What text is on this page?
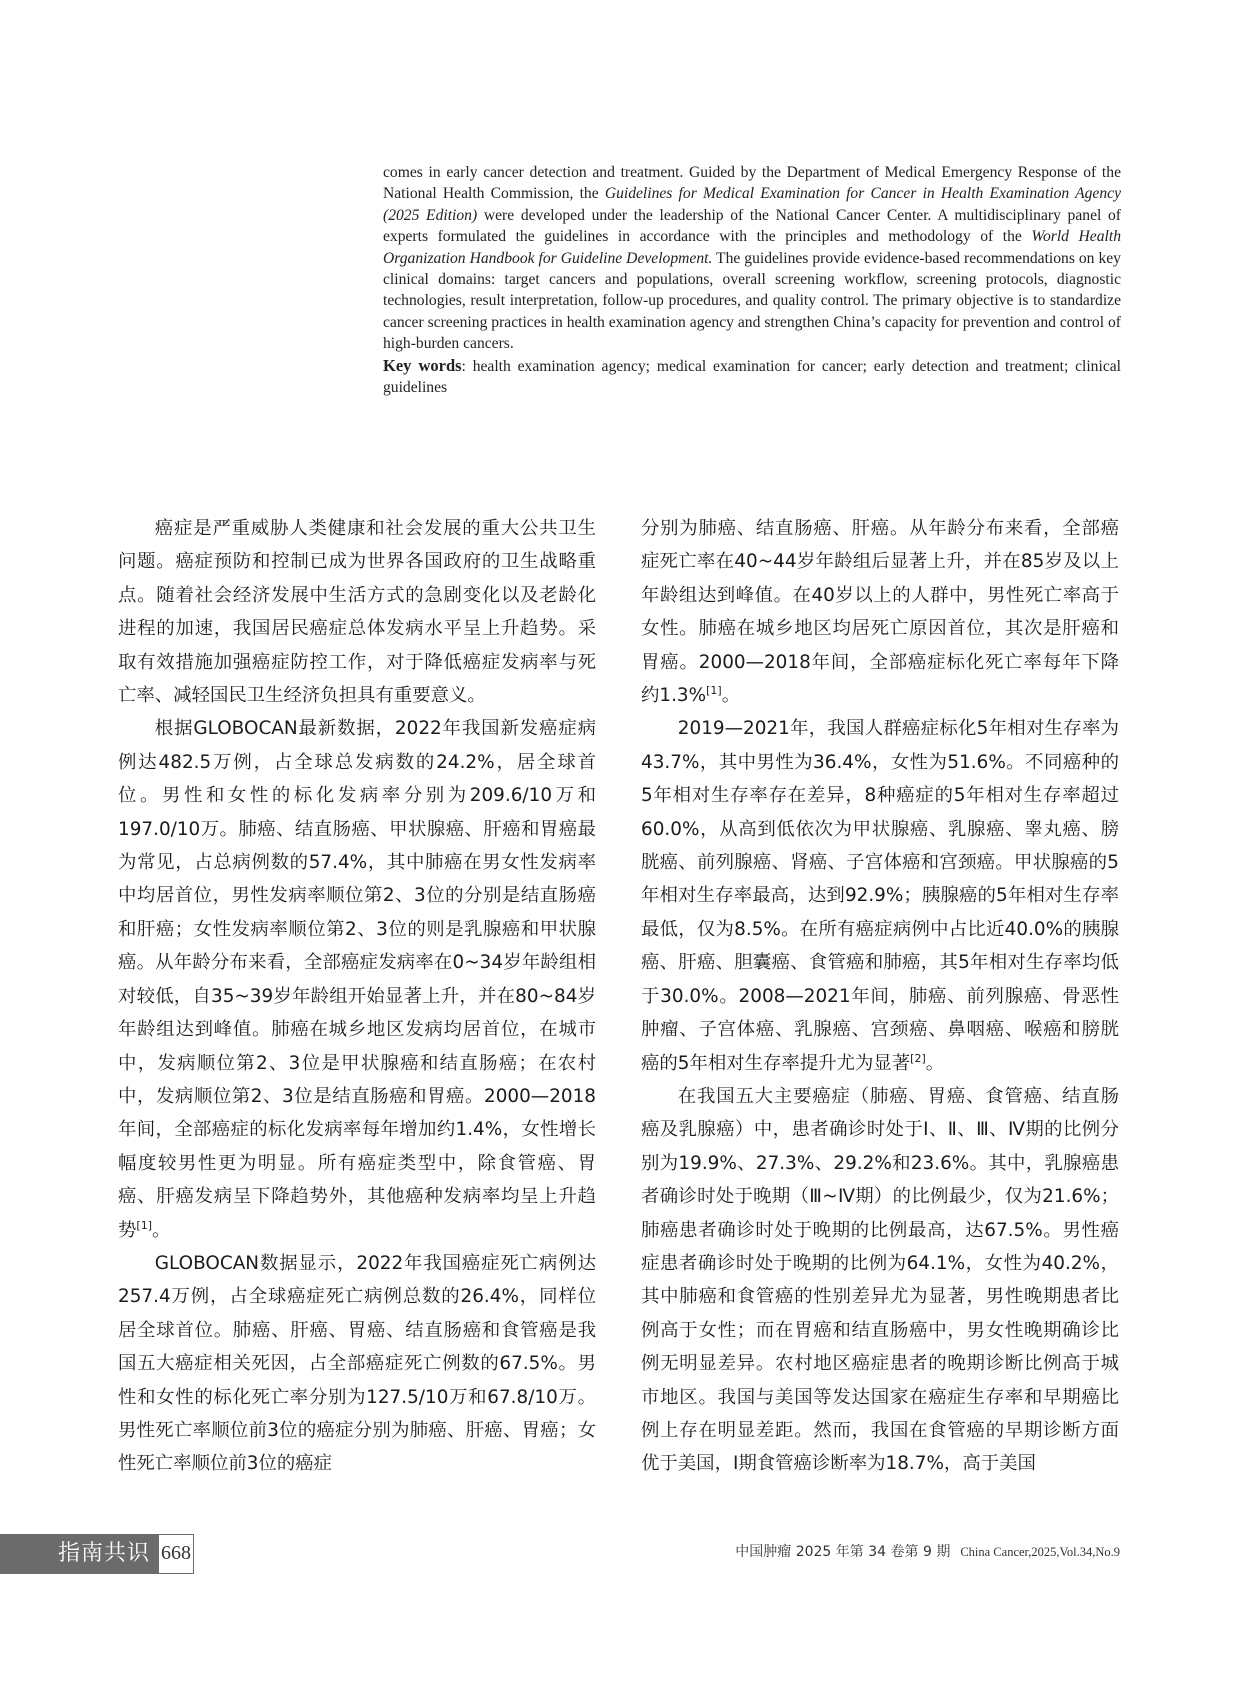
comes in early cancer detection and treatment. Guided by the Department of Medical Emergency Response of the National Health Commission, the Guidelines for Medical Examination for Cancer in Health Examination Agency (2025 Edition) were developed under the leadership of the National Cancer Center. A multidisciplinary panel of experts formulated the guidelines in accordance with the principles and methodology of the World Health Organization Handbook for Guideline Development. The guidelines provide evidence-based recommendations on key clinical domains: target cancers and populations, overall screening workflow, screening protocols, diagnostic technologies, result interpretation, follow-up procedures, and quality control. The primary objective is to standardize cancer screening practices in health examination agency and strengthen China’s capacity for prevention and control of high-burden cancers.
Key words: health examination agency; medical examination for cancer; early detection and treatment; clinical guidelines

癌症是严重威胁人类健康和社会发展的重大公共卫生问题。癌症预防和控制已成为世界各国政府的卫生战略重点。随着社会经济发展中生活方式的急剧变化以及老龄化进程的加速，我国居民癌症总体发病水平呈上升趋势。采取有效措施加强癌症防控工作，对于降低癌症发病率与死亡率、减轻国民卫生经济负担具有重要意义。

根据GLOBOCAN最新数据，2022年我国新发癌症病例达482.5万例，占全球总发病数的24.2%，居全球首位。男性和女性的标化发病率分别为209.6/10万和197.0/10万。肺癌、结直肠癌、甲状腺癌、肝癌和胃癌最为常见，占总病例数的57.4%，其中肺癌在男女性发病率中均居首位，男性发病率顺位第2、3位的分别是结直肠癌和肝癌；女性发病率顺位第2、3位的则是乳腺癌和甲状腺癌。从年龄分布来看，全部癌症发病率在0~34岁年龄组相对较低，自35~39岁年龄组开始显著上升，并在80~84岁年龄组达到峰值。肺癌在城乡地区发病均居首位，在城市中，发病顺位第2、3位是甲状腺癌和结直肠癌；在农村中，发病顺位第2、3位是结直肠癌和胃癌。2000—2018年间，全部癌症的标化发病率每年增加约1.4%，女性增长幅度较男性更为明显。所有癌症类型中，除食管癌、胃癌、肝癌发病呈下降趋势外，其他癌种发病率均呈上升趋势[1]。

GLOBOCAN数据显示，2022年我国癌症死亡病例达257.4万例，占全球癌症死亡病例总数的26.4%，同样位居全球首位。肺癌、肝癌、胃癌、结直肠癌和食管癌是我国五大癌症相关死因，占全部癌症死亡例数的67.5%。男性和女性的标化死亡率分别为127.5/10万和67.8/10万。男性死亡率顺位前3位的癌症分别为肺癌、肝癌、胃癌；女性死亡率顺位前3位的癌症

分别为肺癌、结直肠癌、肝癌。从年龄分布来看，全部癌症死亡率在40~44岁年龄组后显著上升，并在85岁及以上年龄组达到峰值。在40岁以上的人群中，男性死亡率高于女性。肺癌在城乡地区均居死亡原因首位，其次是肝癌和胃癌。2000—2018年间，全部癌症标化死亡率每年下降约1.3%[1]。

2019—2021年，我国人群癌症标化5年相对生存率为43.7%，其中男性为36.4%，女性为51.6%。不同癌种的5年相对生存率存在差异，8种癌症的5年相对生存率超过60.0%，从高到低依次为甲状腺癌、乳腺癌、睾丸癌、膀胱癌、前列腺癌、肾癌、子宫体癌和宫颈癌。甲状腺癌的5年相对生存率最高，达到92.9%；胰腺癌的5年相对生存率最低，仅为8.5%。在所有癌症病例中占比近40.0%的胰腺癌、肝癌、胆囊癌、食管癌和肺癌，其5年相对生存率均低于30.0%。2008—2021年间，肺癌、前列腺癌、骨恶性肿瘤、子宫体癌、乳腺癌、宫颈癌、鼻咽癌、喉癌和膀胱癌的5年相对生存率提升尤为显著[2]。

在我国五大主要癌症（肺癌、胃癌、食管癌、结直肠癌及乳腺癌）中，患者确诊时处于Ⅰ、Ⅱ、Ⅲ、Ⅳ期的比例分别为19.9%、27.3%、29.2%和23.6%。其中，乳腺癌患者确诊时处于晚期（Ⅲ~Ⅳ期）的比例最少，仅为21.6%；肺癌患者确诊时处于晚期的比例最高，达67.5%。男性癌症患者确诊时处于晚期的比例为64.1%，女性为40.2%，其中肺癌和食管癌的性别差异尤为显著，男性晚期患者比例高于女性；而在胃癌和结直肠癌中，男女性晚期确诊比例无明显差异。农村地区癌症患者的晚期诊断比例高于城市地区。我国与美国等发达国家在癌症生存率和早期癌比例上存在明显差距。然而，我国在食管癌的早期诊断方面优于美国，Ⅰ期食管癌诊断率为18.7%，高于美国

指南共识 668	中国肿瘤 2025 年第 34 卷第 9 期 China Cancer,2025,Vol.34,No.9
